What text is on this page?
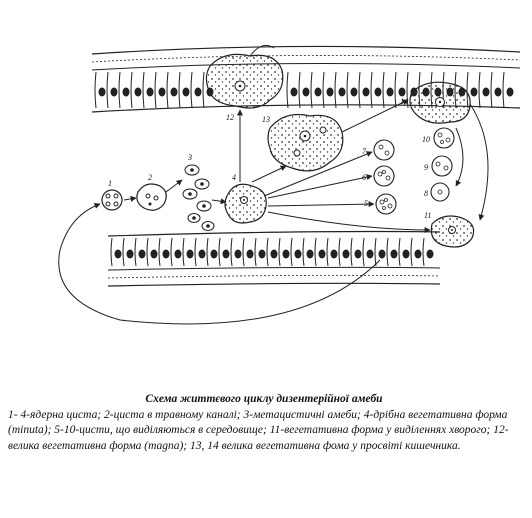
1
2
3
4
5
6
7
8
9
10
11
12	13
14
Схема життєвого циклу дизентерійної амеби
1- 4-ядерна циста; 2-циста в травному каналі; 3-метацистичні амеби; 4-дрібна вегетативна форма (minuta); 5-10-цисти, що виділяються в середовище; 11-вегетативна форма у виділеннях хворого; 12-велика вегетативна форма (magna); 13, 14 велика вегетативна фома у просвіті кишечника.
